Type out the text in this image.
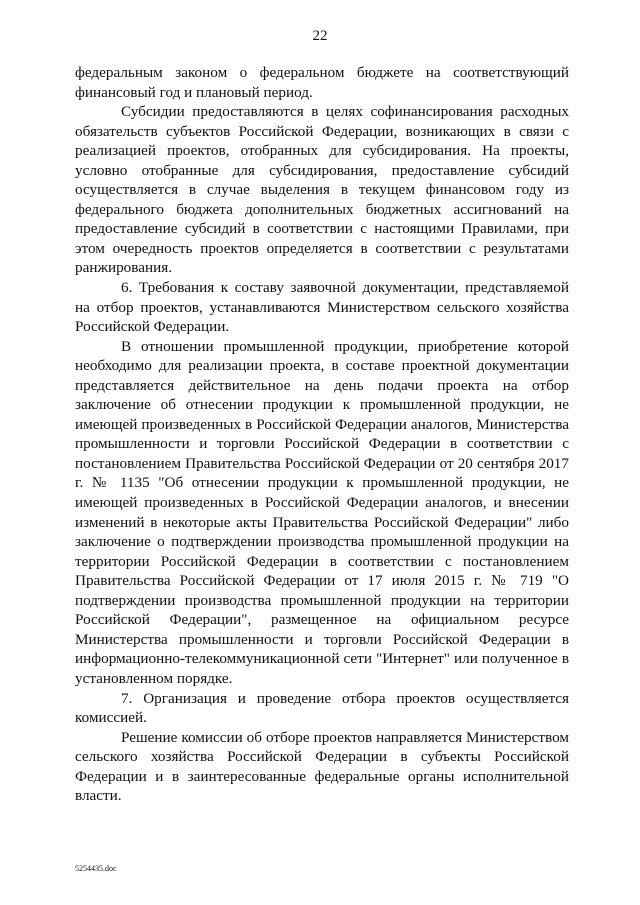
22

федеральным законом о федеральном бюджете на соответствующий финансовый год и плановый период.

Субсидии предоставляются в целях софинансирования расходных обязательств субъектов Российской Федерации, возникающих в связи с реализацией проектов, отобранных для субсидирования. На проекты, условно отобранные для субсидирования, предоставление субсидий осуществляется в случае выделения в текущем финансовом году из федерального бюджета дополнительных бюджетных ассигнований на предоставление субсидий в соответствии с настоящими Правилами, при этом очередность проектов определяется в соответствии с результатами ранжирования.

6. Требования к составу заявочной документации, представляемой на отбор проектов, устанавливаются Министерством сельского хозяйства Российской Федерации.

В отношении промышленной продукции, приобретение которой необходимо для реализации проекта, в составе проектной документации представляется действительное на день подачи проекта на отбор заключение об отнесении продукции к промышленной продукции, не имеющей произведенных в Российской Федерации аналогов, Министерства промышленности и торговли Российской Федерации в соответствии с постановлением Правительства Российской Федерации от 20 сентября 2017 г. № 1135 "Об отнесении продукции к промышленной продукции, не имеющей произведенных в Российской Федерации аналогов, и внесении изменений в некоторые акты Правительства Российской Федерации" либо заключение о подтверждении производства промышленной продукции на территории Российской Федерации в соответствии с постановлением Правительства Российской Федерации от 17 июля 2015 г. № 719 "О подтверждении производства промышленной продукции на территории Российской Федерации", размещенное на официальном ресурсе Министерства промышленности и торговли Российской Федерации в информационно-телекоммуникационной сети "Интернет" или полученное в установленном порядке.

7. Организация и проведение отбора проектов осуществляется комиссией.

Решение комиссии об отборе проектов направляется Министерством сельского хозяйства Российской Федерации в субъекты Российской Федерации и в заинтересованные федеральные органы исполнительной власти.

5254435.doc
